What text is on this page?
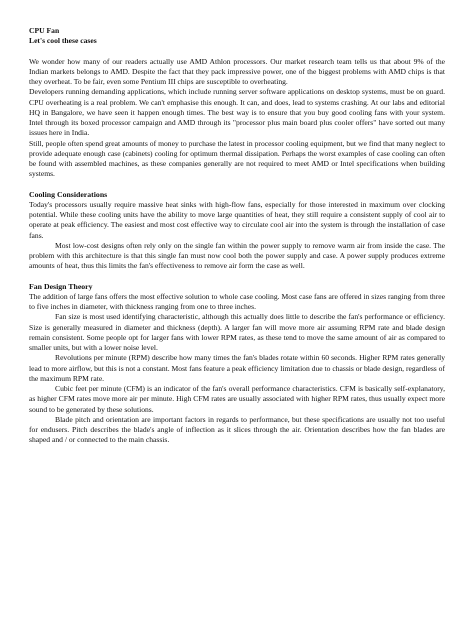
CPU Fan
Let's cool these cases

We wonder how many of our readers actually use AMD Athlon processors. Our market research team tells us that about 9% of the Indian markets belongs to AMD. Despite the fact that they pack impressive power, one of the biggest problems with AMD chips is that they overheat. To be fair, even some Pentium III chips are susceptible to overheating.

Developers running demanding applications, which include running server software applications on desktop systems, must be on guard. CPU overheating is a real problem. We can't emphasise this enough. It can, and does, lead to systems crashing. At our labs and editorial HQ in Bangalore, we have seen it happen enough times. The best way is to ensure that you buy good cooling fans with your system. Intel through its boxed processor campaign and AMD through its "processor plus main board plus cooler offers" have sorted out many issues here in India.

Still, people often spend great amounts of money to purchase the latest in processor cooling equipment, but we find that many neglect to provide adequate enough case (cabinets) cooling for optimum thermal dissipation. Perhaps the worst examples of case cooling can often be found with assembled machines, as these companies generally are not required to meet AMD or Intel specifications when building systems.

Cooling Considerations

Today's processors usually require massive heat sinks with high-flow fans, especially for those interested in maximum over clocking potential. While these cooling units have the ability to move large quantities of heat, they still require a consistent supply of cool air to operate at peak efficiency. The easiest and most cost effective way to circulate cool air into the system is through the installation of case fans.

Most low-cost designs often rely only on the single fan within the power supply to remove warm air from inside the case. The problem with this architecture is that this single fan must now cool both the power supply and case. A power supply produces extreme amounts of heat, thus this limits the fan's effectiveness to remove air form the case as well.

Fan Design Theory

The addition of large fans offers the most effective solution to whole case cooling. Most case fans are offered in sizes ranging from three to five inches in diameter, with thickness ranging from one to three inches.

Fan size is most used identifying characteristic, although this actually does little to describe the fan's performance or efficiency. Size is generally measured in diameter and thickness (depth). A larger fan will move more air assuming RPM rate and blade design remain consistent. Some people opt for larger fans with lower RPM rates, as these tend to move the same amount of air as compared to smaller units, but with a lower noise level.

Revolutions per minute (RPM) describe how many times the fan's blades rotate within 60 seconds. Higher RPM rates generally lead to more airflow, but this is not a constant. Most fans feature a peak efficiency limitation due to chassis or blade design, regardless of the maximum RPM rate.

Cubic feet per minute (CFM) is an indicator of the fan's overall performance characteristics. CFM is basically self-explanatory, as higher CFM rates move more air per minute. High CFM rates are usually associated with higher RPM rates, thus usually expect more sound to be generated by these solutions.

Blade pitch and orientation are important factors in regards to performance, but these specifications are usually not too useful for endusers. Pitch describes the blade's angle of inflection as it slices through the air. Orientation describes how the fan blades are shaped and / or connected to the main chassis.
